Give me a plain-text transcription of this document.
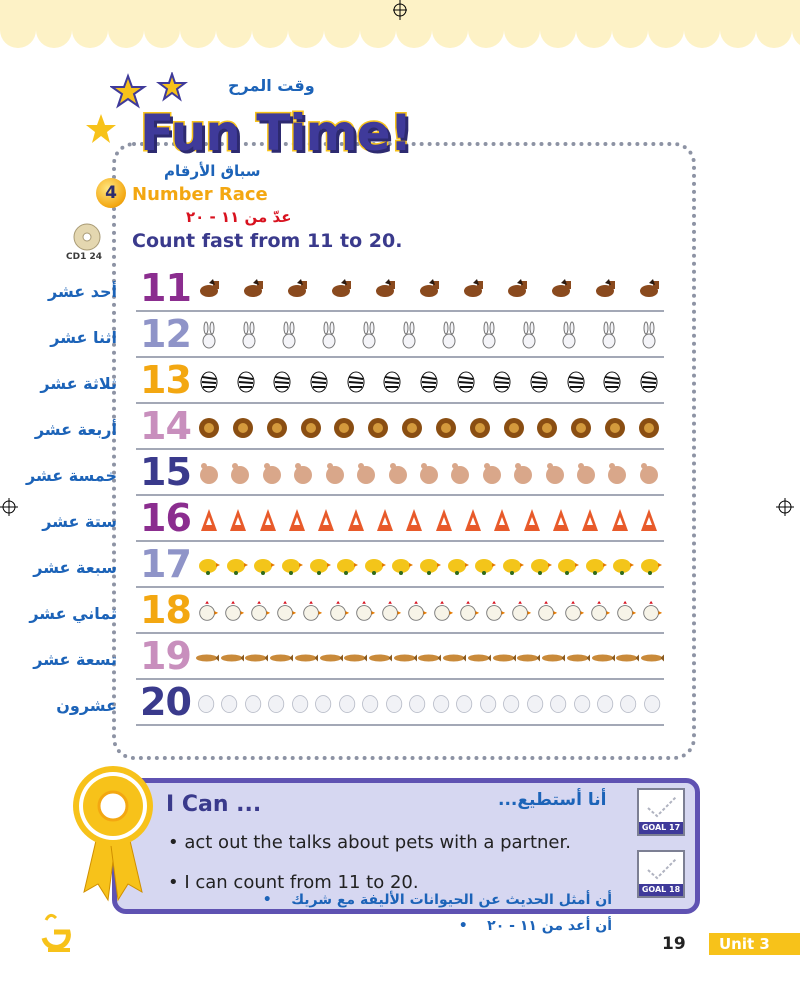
وقت المرح
Fun Time!
سباق الأرقام
4 Number Race
عدّ من ١١ - ٢٠
Count fast from 11 to 20.
CD1 24
11
أحد عشر
12
اثنا عشر
13
ثلاثة عشر
14
أربعة عشر
15
خمسة عشر
16
ستة عشر
17
سبعة عشر
18
ثماني عشر
19
تسعة عشر
20
عشرون
I Can ...	أنا أستطيع...
• act out the talks about pets with a partner.
• I can count from 11 to 20.
GOAL 17
GOAL 18
أن أمثل الحديث عن الحيوانات الأليفة مع شريك    •
أن أعد من ١١ - ٢٠    •
19	Unit 3
